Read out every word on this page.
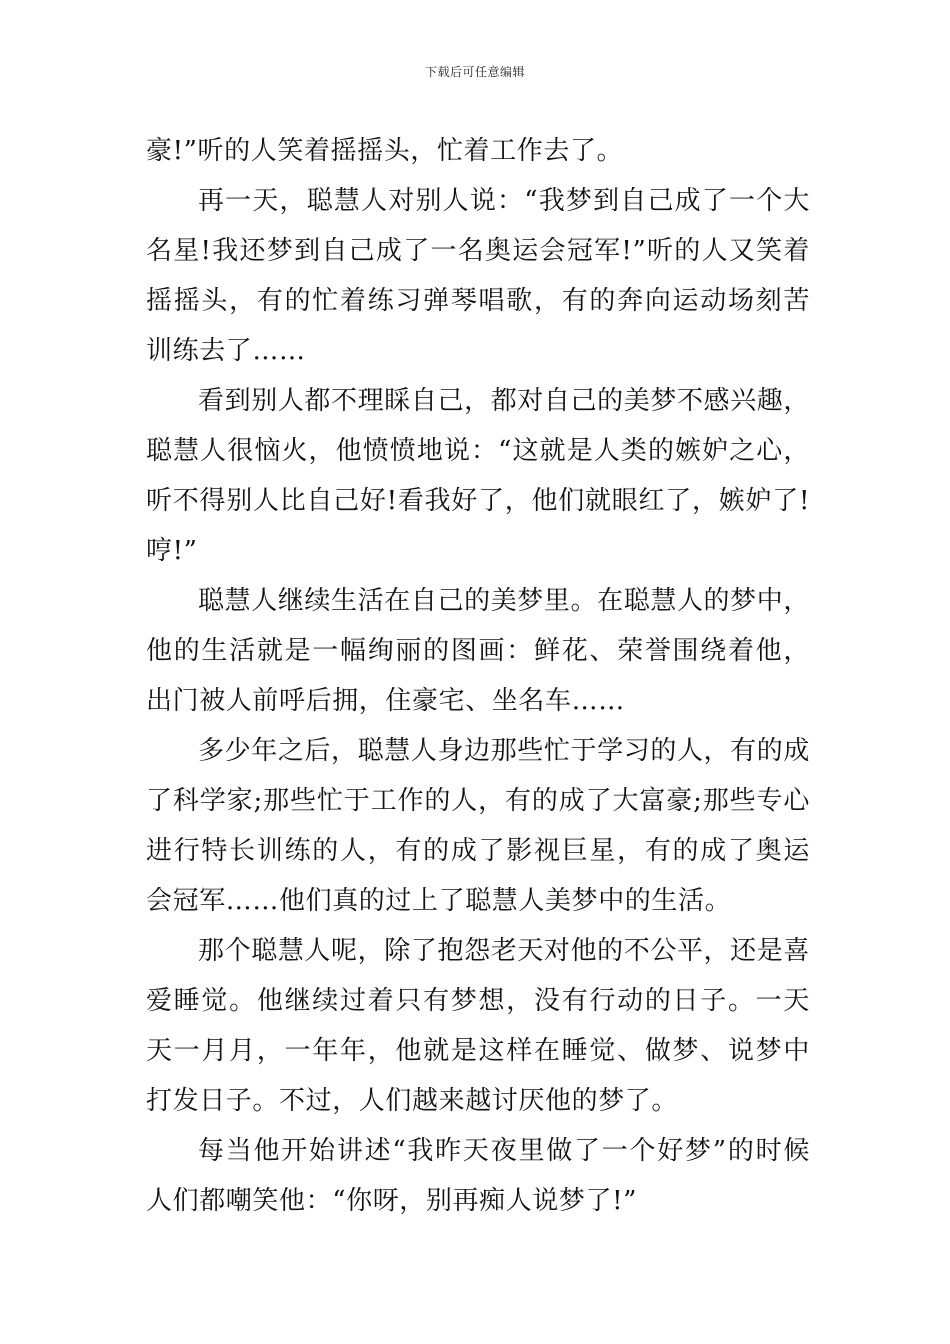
下载后可任意编辑

豪!”听的人笑着摇摇头，忙着工作去了。

再一天，聪慧人对别人说：“我梦到自己成了一个大名星!我还梦到自己成了一名奥运会冠军!”听的人又笑着摇摇头，有的忙着练习弹琴唱歌，有的奔向运动场刻苦训练去了……

看到别人都不理睬自己，都对自己的美梦不感兴趣，聪慧人很恼火，他愤愤地说：“这就是人类的嫉妒之心，听不得别人比自己好!看我好了，他们就眼红了，嫉妒了!哼!”

聪慧人继续生活在自己的美梦里。在聪慧人的梦中，他的生活就是一幅绚丽的图画：鲜花、荣誉围绕着他，出门被人前呼后拥，住豪宅、坐名车……

多少年之后，聪慧人身边那些忙于学习的人，有的成了科学家;那些忙于工作的人，有的成了大富豪;那些专心进行特长训练的人，有的成了影视巨星，有的成了奥运会冠军……他们真的过上了聪慧人美梦中的生活。

那个聪慧人呢，除了抱怨老天对他的不公平，还是喜爱睡觉。他继续过着只有梦想，没有行动的日子。一天天一月月，一年年，他就是这样在睡觉、做梦、说梦中打发日子。不过，人们越来越讨厌他的梦了。

每当他开始讲述“我昨天夜里做了一个好梦”的时候人们都嘲笑他：“你呀，别再痴人说梦了!”
